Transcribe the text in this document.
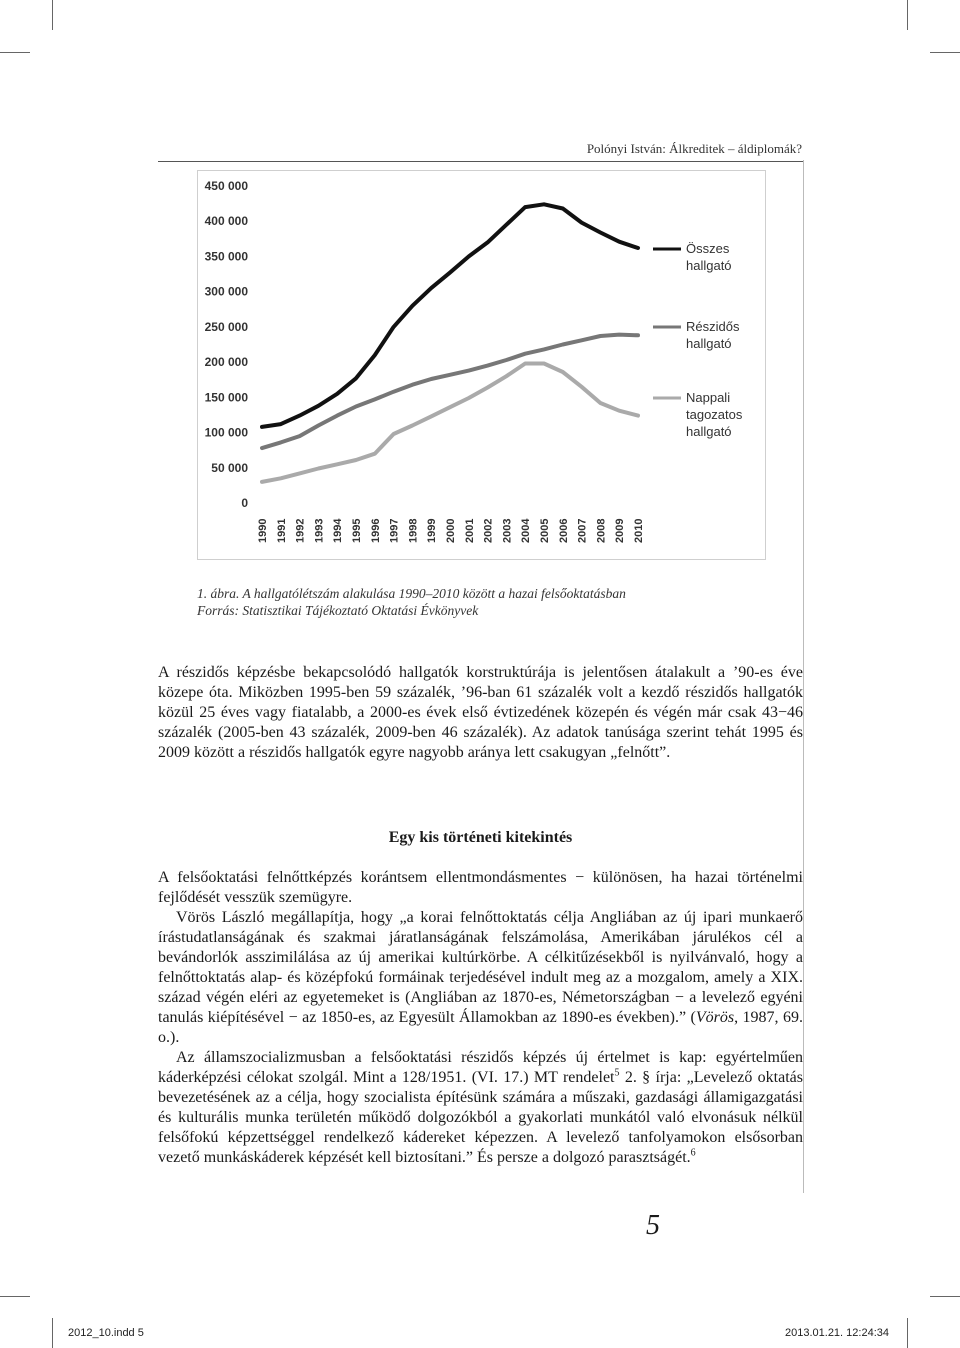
Polónyi István: Álkreditek – áldiplomák?
0
50 000
100 000
150 000
200 000
250 000
300 000
350 000
400 000
450 000
1990 1991 1992 1993 1994 1995 1996 1997 1998 1999 2000 2001 2002 2003 2004 2005 2006 2007 2008 2009 2010
Összes
hallgató
Részidős
hallgató
Nappali
tagozatos
hallgató
1. ábra. A hallgatólétszám alakulása 1990–2010 között a hazai felsőoktatásban
Forrás: Statisztikai Tájékoztató Oktatási Évkönyvek
A részidős képzésbe bekapcsolódó hallgatók korstruktúrája is jelentősen átalakult a ’90-es éve közepe óta. Miközben 1995-ben 59 százalék, ’96-ban 61 százalék volt a kezdő részidős hallgatók közül 25 éves vagy fiatalabb, a 2000-es évek első évtizedének közepén és végén már csak 43−46 százalék (2005-ben 43 százalék, 2009-ben 46 százalék). Az adatok tanúsága szerint tehát 1995 és 2009 között a részidős hallgatók egyre nagyobb aránya lett csakugyan „felnőtt”.
Egy kis történeti kitekintés
A felsőoktatási felnőttképzés korántsem ellentmondásmentes − különösen, ha hazai történelmi fejlődését vesszük szemügyre.
Vörös László megállapítja, hogy „a korai felnőttoktatás célja Angliában az új ipari munkaerő írástudatlanságának és szakmai járatlanságának felszámolása, Amerikában járulékos cél a bevándorlók asszimilálása az új amerikai kultúrkörbe. A célkitűzésekből is nyilvánvaló, hogy a felnőttoktatás alap- és középfokú formáinak terjedésével indult meg az a mozgalom, amely a XIX. század végén eléri az egyetemeket is (Angliában az 1870-es, Németországban − a levelező egyéni tanulás kiépítésével − az 1850-es, az Egyesült Államokban az 1890-es években).” (Vörös, 1987, 69. o.).
Az államszocializmusban a felsőoktatási részidős képzés új értelmet is kap: egyértelműen káderképzési célokat szolgál. Mint a 128/1951. (VI. 17.) MT rendelet$^5$ 2. § írja: „Levelező oktatás bevezetésének az a célja, hogy szocialista építésünk számára a műszaki, gazdasági államigazgatási és kulturális munka területén működő dolgozókból a gyakorlati munkától való elvonásuk nélkül felsőfokú képzettséggel rendelkező kádereket képezzen. A levelező tanfolyamokon elsősorban vezető munkáskáderek képzését kell biztosítani.” És persze a dolgozó parasztságét.$^6$
5
2012_10.indd 5	2013.01.21. 12:24:34
